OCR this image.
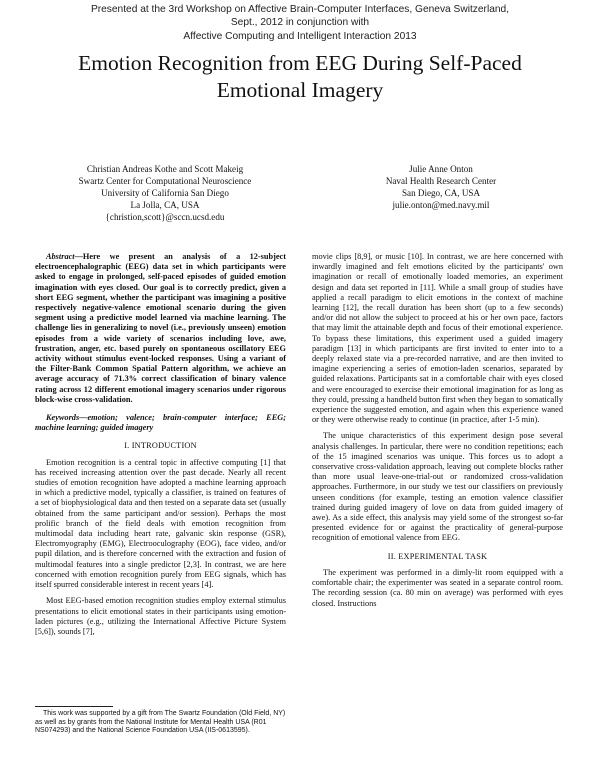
Presented at the 3rd Workshop on Affective Brain-Computer Interfaces, Geneva Switzerland,
Sept., 2012 in conjunction with
Affective Computing and Intelligent Interaction 2013
Emotion Recognition from EEG During Self-Paced
Emotional Imagery
Christian Andreas Kothe and Scott Makeig
Swartz Center for Computational Neuroscience
University of California San Diego
La Jolla, CA, USA
{christion,scott}@sccn.ucsd.edu
Julie Anne Onton
Naval Health Research Center
San Diego, CA, USA
julie.onton@med.navy.mil

Abstract—Here we present an analysis of a 12-subject electroencephalographic (EEG) data set in which participants were asked to engage in prolonged, self-paced episodes of guided emotion imagination with eyes closed. Our goal is to correctly predict, given a short EEG segment, whether the participant was imagining a positive respectively negative-valence emotional scenario during the given segment using a predictive model learned via machine learning. The challenge lies in generalizing to novel (i.e., previously unseen) emotion episodes from a wide variety of scenarios including love, awe, frustration, anger, etc. based purely on spontaneous oscillatory EEG activity without stimulus event-locked responses. Using a variant of the Filter-Bank Common Spatial Pattern algorithm, we achieve an average accuracy of 71.3% correct classification of binary valence rating across 12 different emotional imagery scenarios under rigorous block-wise cross-validation.

Keywords—emotion; valence; brain-computer interface; EEG; machine learning; guided imagery

I. INTRODUCTION

Emotion recognition is a central topic in affective computing [1] that has received increasing attention over the past decade. Nearly all recent studies of emotion recognition have adopted a machine learning approach in which a predictive model, typically a classifier, is trained on features of a set of biophysiological data and then tested on a separate data set (usually obtained from the same participant and/or session). Perhaps the most prolific branch of the field deals with emotion recognition from multimodal data including heart rate, galvanic skin response (GSR), Electromyography (EMG), Electrooculography (EOG), face video, and/or pupil dilation, and is therefore concerned with the extraction and fusion of multimodal features into a single predictor [2,3]. In contrast, we are here concerned with emotion recognition purely from EEG signals, which has itself spurred considerable interest in recent years [4].

Most EEG-based emotion recognition studies employ external stimulus presentations to elicit emotional states in their participants using emotion-laden pictures (e.g., utilizing the International Affective Picture System [5,6]), sounds [7],

movie clips [8,9], or music [10]. In contrast, we are here concerned with inwardly imagined and felt emotions elicited by the participants' own imagination or recall of emotionally loaded memories, an experiment design and data set reported in [11]. While a small group of studies have applied a recall paradigm to elicit emotions in the context of machine learning [12], the recall duration has been short (up to a few seconds) and/or did not allow the subject to proceed at his or her own pace, factors that may limit the attainable depth and focus of their emotional experience. To bypass these limitations, this experiment used a guided imagery paradigm [13] in which participants are first invited to enter into to a deeply relaxed state via a pre-recorded narrative, and are then invited to imagine experiencing a series of emotion-laden scenarios, separated by guided relaxations. Participants sat in a comfortable chair with eyes closed and were encouraged to exercise their emotional imagination for as long as they could, pressing a handheld button first when they began to somatically experience the suggested emotion, and again when this experience waned or they were otherwise ready to continue (in practice, after 1-5 min).

The unique characteristics of this experiment design pose several analysis challenges. In particular, there were no condition repetitions; each of the 15 imagined scenarios was unique. This forces us to adopt a conservative cross-validation approach, leaving out complete blocks rather than more usual leave-one-trial-out or randomized cross-validation approaches. Furthermore, in our study we test our classifiers on previously unseen conditions (for example, testing an emotion valence classifier trained during guided imagery of love on data from guided imagery of awe). As a side effect, this analysis may yield some of the strongest so-far presented evidence for or against the practicality of general-purpose recognition of emotional valence from EEG.

II. EXPERIMENTAL TASK

The experiment was performed in a dimly-lit room equipped with a comfortable chair; the experimenter was seated in a separate control room. The recording session (ca. 80 min on average) was performed with eyes closed. Instructions

This work was supported by a gift from The Swartz Foundation (Old Field, NY) as well as by grants from the National Institute for Mental Health USA (R01 NS074293) and the National Science Foundation USA (IIS-0613595).
